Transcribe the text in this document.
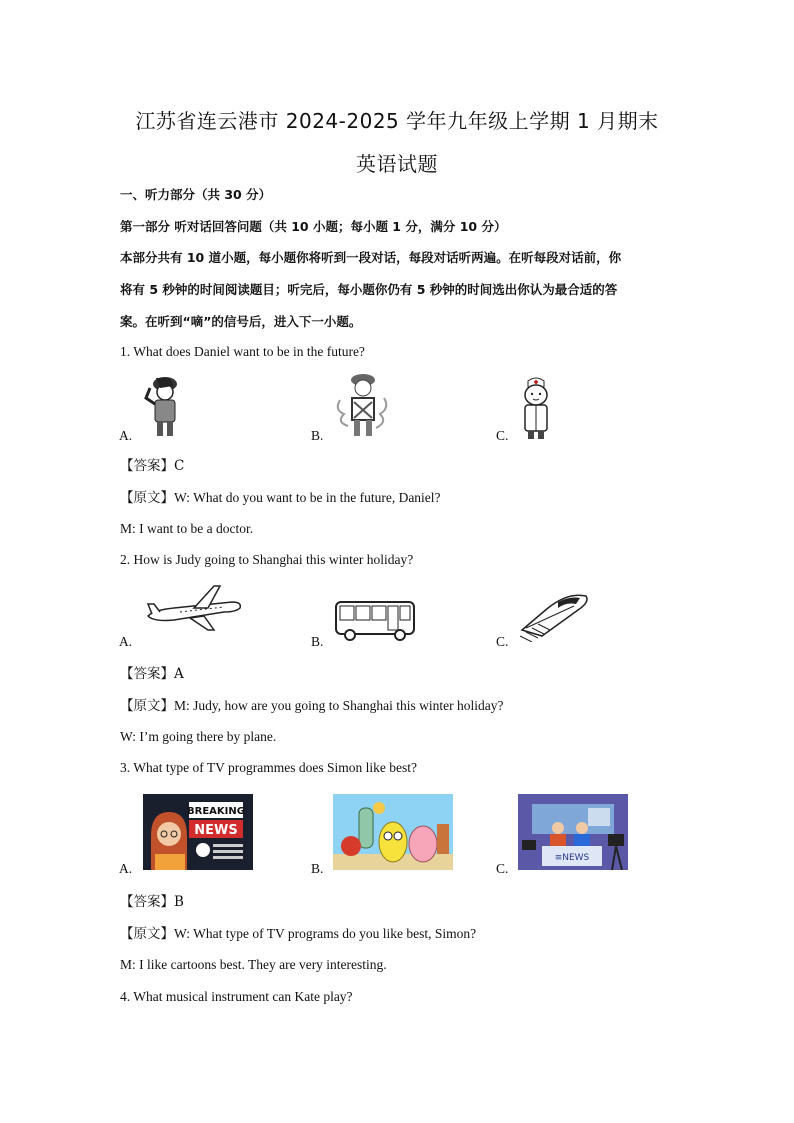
江苏省连云港市 2024-2025 学年九年级上学期 1 月期末
英语试题
一、听力部分（共 30 分）
第一部分 听对话回答问题（共 10 小题；每小题 1 分，满分 10 分）
本部分共有 10 道小题，每小题你将听到一段对话，每段对话听两遍。在听每段对话前，你
将有 5 秒钟的时间阅读题目；听完后，每小题你仍有 5 秒钟的时间选出你认为最合适的答
案。在听到“嘀”的信号后，进入下一小题。
1. What does Daniel want to be in the future?
A.	B.	C.
【答案】C
【原文】W: What do you want to be in the future, Daniel?
M: I want to be a doctor.
2. How is Judy going to Shanghai this winter holiday?
A.	B.	C.
【答案】A
【原文】M: Judy, how are you going to Shanghai this winter holiday?
W: I’m going there by plane.
3. What type of TV programmes does Simon like best?
BREAKING
NEWS
A.	B.
≡NEWS
C.
【答案】B
【原文】W: What type of TV programs do you like best, Simon?
M: I like cartoons best. They are very interesting.
4. What musical instrument can Kate play?
